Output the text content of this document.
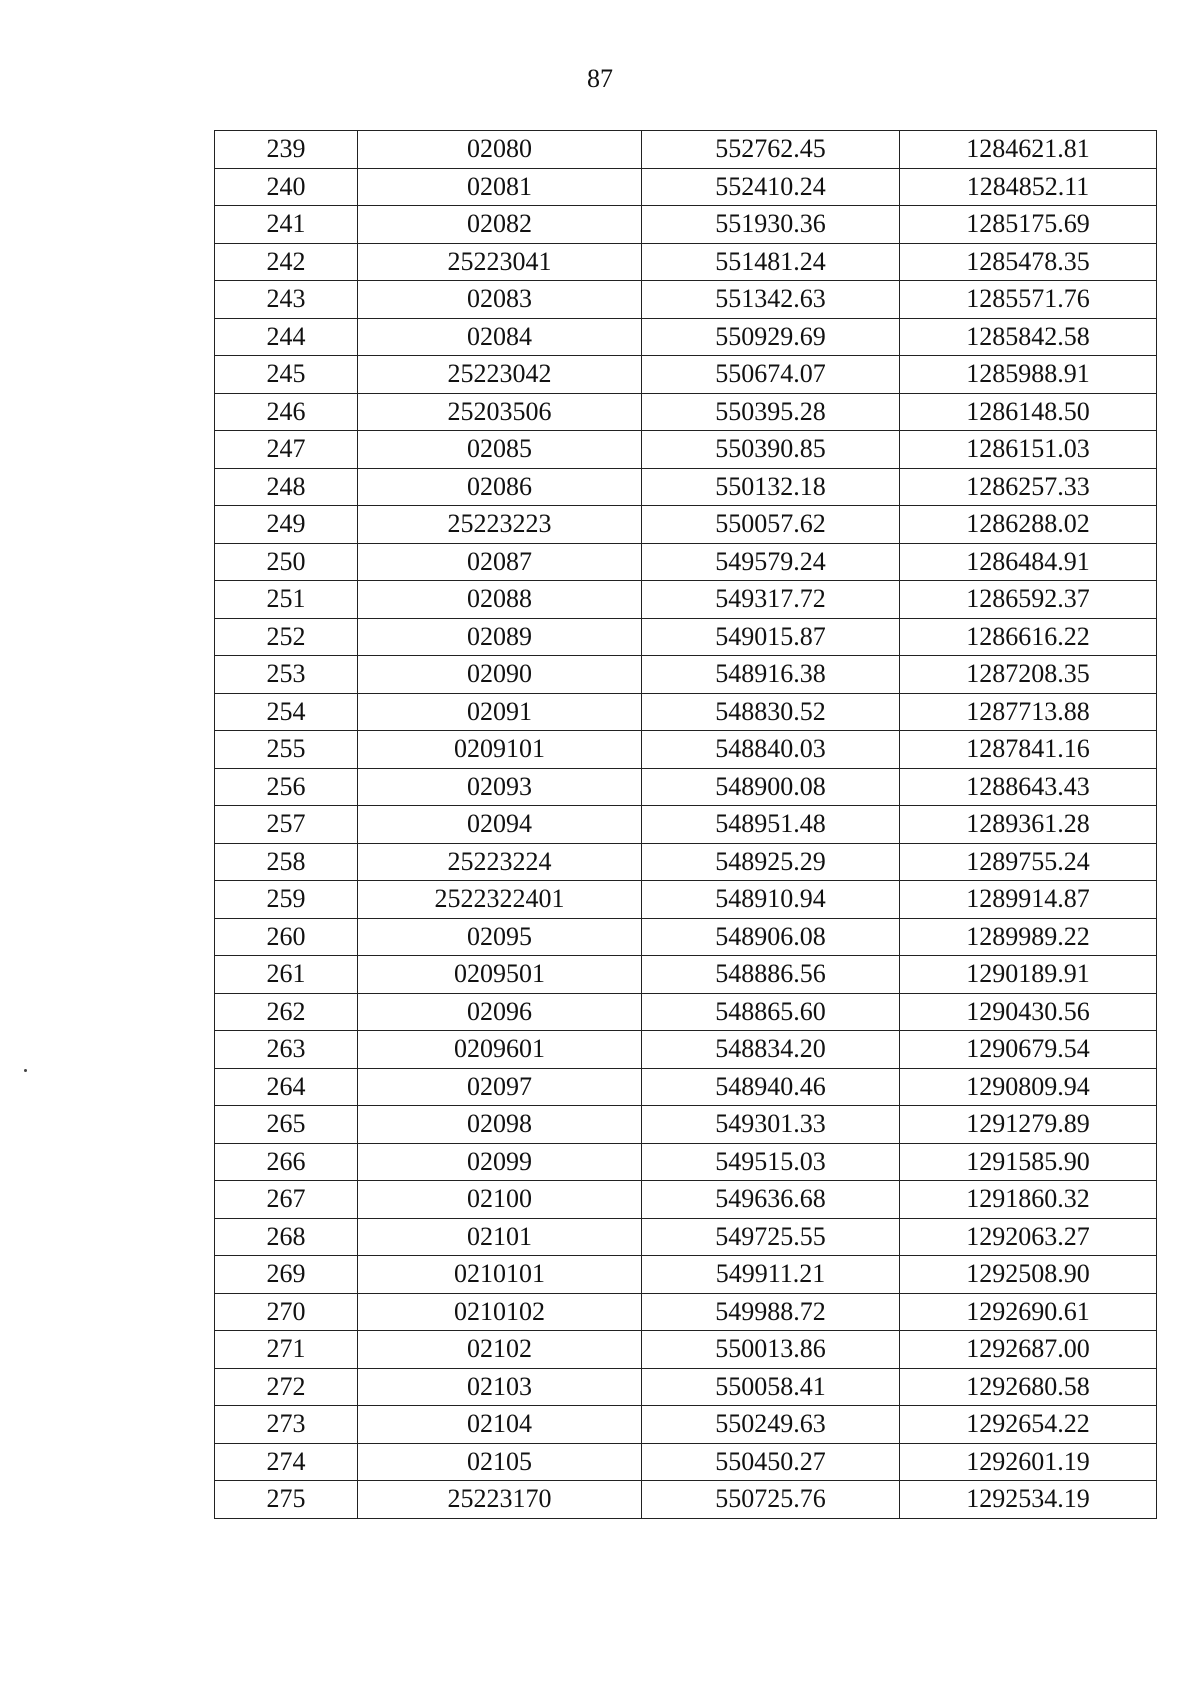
87
239	02080	552762.45	1284621.81
240	02081	552410.24	1284852.11
241	02082	551930.36	1285175.69
242	25223041	551481.24	1285478.35
243	02083	551342.63	1285571.76
244	02084	550929.69	1285842.58
245	25223042	550674.07	1285988.91
246	25203506	550395.28	1286148.50
247	02085	550390.85	1286151.03
248	02086	550132.18	1286257.33
249	25223223	550057.62	1286288.02
250	02087	549579.24	1286484.91
251	02088	549317.72	1286592.37
252	02089	549015.87	1286616.22
253	02090	548916.38	1287208.35
254	02091	548830.52	1287713.88
255	0209101	548840.03	1287841.16
256	02093	548900.08	1288643.43
257	02094	548951.48	1289361.28
258	25223224	548925.29	1289755.24
259	2522322401	548910.94	1289914.87
260	02095	548906.08	1289989.22
261	0209501	548886.56	1290189.91
262	02096	548865.60	1290430.56
263	0209601	548834.20	1290679.54
264	02097	548940.46	1290809.94
265	02098	549301.33	1291279.89
266	02099	549515.03	1291585.90
267	02100	549636.68	1291860.32
268	02101	549725.55	1292063.27
269	0210101	549911.21	1292508.90
270	0210102	549988.72	1292690.61
271	02102	550013.86	1292687.00
272	02103	550058.41	1292680.58
273	02104	550249.63	1292654.22
274	02105	550450.27	1292601.19
275	25223170	550725.76	1292534.19
